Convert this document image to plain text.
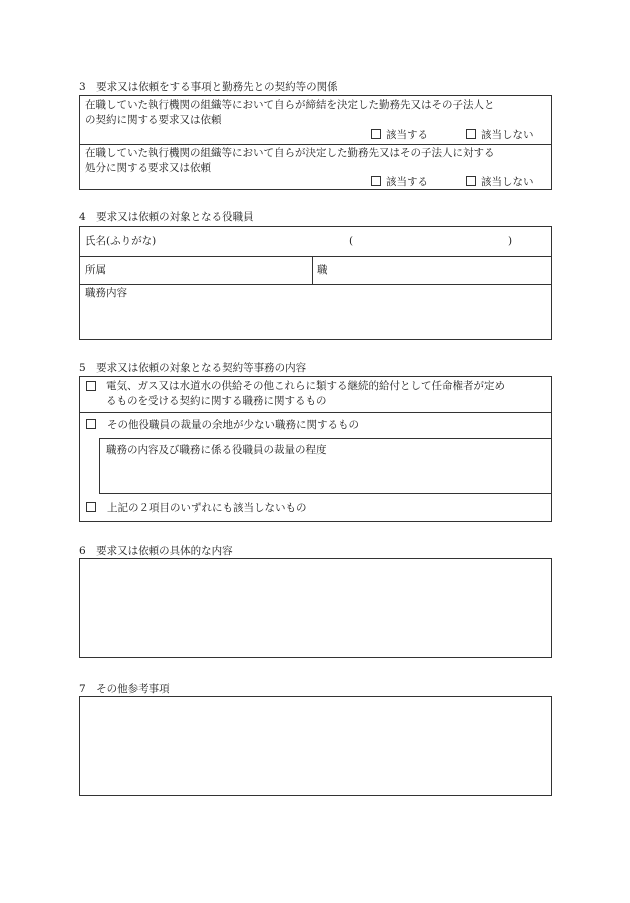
3　要求又は依頼をする事項と勤務先との契約等の関係
在職していた執行機関の組織等において自らが締結を決定した勤務先又はその子法人と
の契約に関する要求又は依頼
該当する	該当しない
在職していた執行機関の組織等において自らが決定した勤務先又はその子法人に対する
処分に関する要求又は依頼
該当する	該当しない
4　要求又は依頼の対象となる役職員
氏名(ふりがな)	(	)
所属	職
職務内容
5　要求又は依頼の対象となる契約等事務の内容
電気、ガス又は水道水の供給その他これらに類する継続的給付として任命権者が定め
るものを受ける契約に関する職務に関するもの
その他役職員の裁量の余地が少ない職務に関するもの
職務の内容及び職務に係る役職員の裁量の程度
上記の２項目のいずれにも該当しないもの
6　要求又は依頼の具体的な内容
7　その他参考事項
